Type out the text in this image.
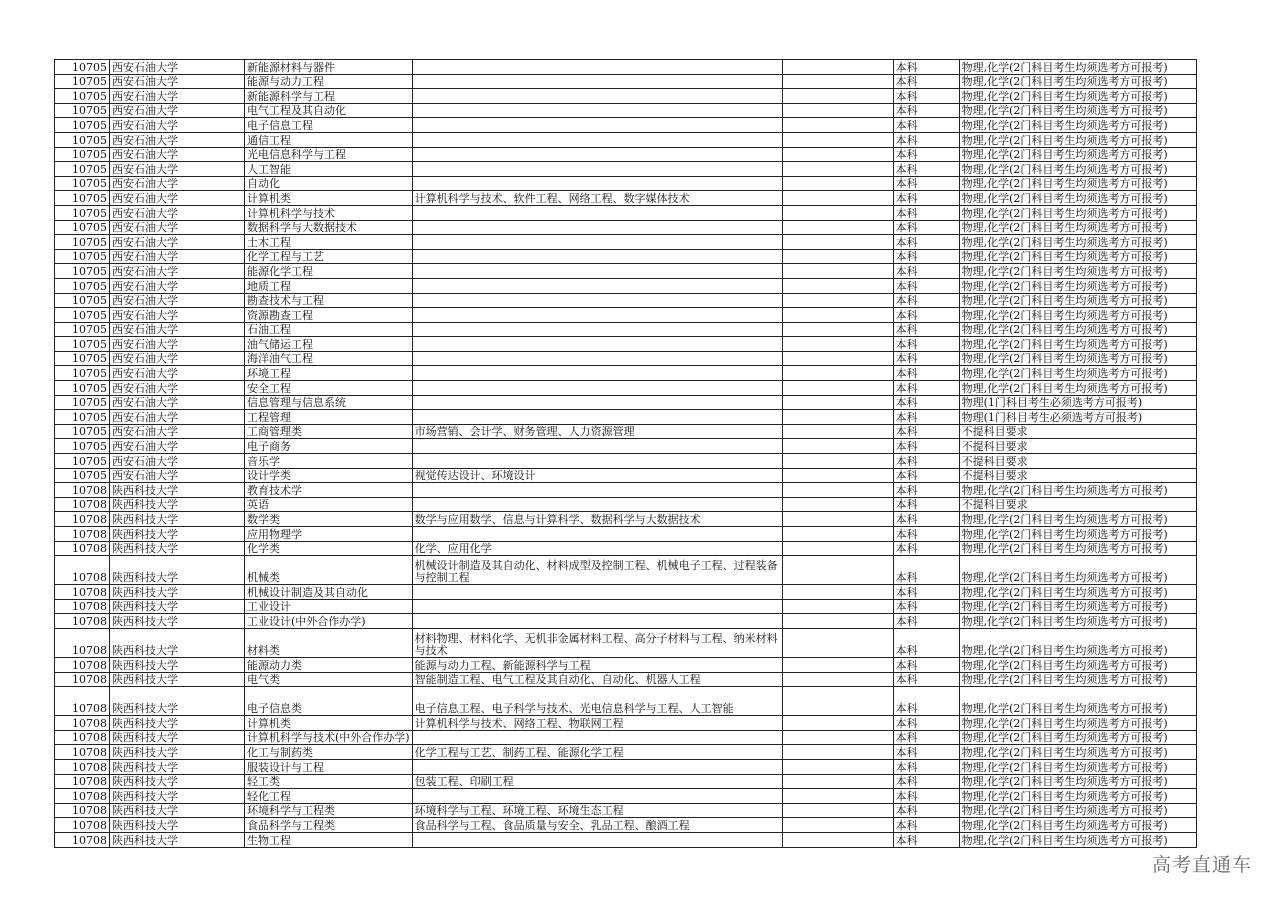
10705	西安石油大学	新能源材料与器件			本科	物理,化学(2门科目考生均须选考方可报考)
10705	西安石油大学	能源与动力工程			本科	物理,化学(2门科目考生均须选考方可报考)
10705	西安石油大学	新能源科学与工程			本科	物理,化学(2门科目考生均须选考方可报考)
10705	西安石油大学	电气工程及其自动化			本科	物理,化学(2门科目考生均须选考方可报考)
10705	西安石油大学	电子信息工程			本科	物理,化学(2门科目考生均须选考方可报考)
10705	西安石油大学	通信工程			本科	物理,化学(2门科目考生均须选考方可报考)
10705	西安石油大学	光电信息科学与工程			本科	物理,化学(2门科目考生均须选考方可报考)
10705	西安石油大学	人工智能			本科	物理,化学(2门科目考生均须选考方可报考)
10705	西安石油大学	自动化			本科	物理,化学(2门科目考生均须选考方可报考)
10705	西安石油大学	计算机类	计算机科学与技术、软件工程、网络工程、数字媒体技术		本科	物理,化学(2门科目考生均须选考方可报考)
10705	西安石油大学	计算机科学与技术			本科	物理,化学(2门科目考生均须选考方可报考)
10705	西安石油大学	数据科学与大数据技术			本科	物理,化学(2门科目考生均须选考方可报考)
10705	西安石油大学	土木工程			本科	物理,化学(2门科目考生均须选考方可报考)
10705	西安石油大学	化学工程与工艺			本科	物理,化学(2门科目考生均须选考方可报考)
10705	西安石油大学	能源化学工程			本科	物理,化学(2门科目考生均须选考方可报考)
10705	西安石油大学	地质工程			本科	物理,化学(2门科目考生均须选考方可报考)
10705	西安石油大学	勘查技术与工程			本科	物理,化学(2门科目考生均须选考方可报考)
10705	西安石油大学	资源勘查工程			本科	物理,化学(2门科目考生均须选考方可报考)
10705	西安石油大学	石油工程			本科	物理,化学(2门科目考生均须选考方可报考)
10705	西安石油大学	油气储运工程			本科	物理,化学(2门科目考生均须选考方可报考)
10705	西安石油大学	海洋油气工程			本科	物理,化学(2门科目考生均须选考方可报考)
10705	西安石油大学	环境工程			本科	物理,化学(2门科目考生均须选考方可报考)
10705	西安石油大学	安全工程			本科	物理,化学(2门科目考生均须选考方可报考)
10705	西安石油大学	信息管理与信息系统			本科	物理(1门科目考生必须选考方可报考)
10705	西安石油大学	工程管理			本科	物理(1门科目考生必须选考方可报考)
10705	西安石油大学	工商管理类	市场营销、会计学、财务管理、人力资源管理		本科	不提科目要求
10705	西安石油大学	电子商务			本科	不提科目要求
10705	西安石油大学	音乐学			本科	不提科目要求
10705	西安石油大学	设计学类	视觉传达设计、环境设计		本科	不提科目要求
10708	陕西科技大学	教育技术学			本科	物理,化学(2门科目考生均须选考方可报考)
10708	陕西科技大学	英语			本科	不提科目要求
10708	陕西科技大学	数学类	数学与应用数学、信息与计算科学、数据科学与大数据技术		本科	物理,化学(2门科目考生均须选考方可报考)
10708	陕西科技大学	应用物理学			本科	物理,化学(2门科目考生均须选考方可报考)
10708	陕西科技大学	化学类	化学、应用化学		本科	物理,化学(2门科目考生均须选考方可报考)
10708	陕西科技大学	机械类	机械设计制造及其自动化、材料成型及控制工程、机械电子工程、过程装备与控制工程		本科	物理,化学(2门科目考生均须选考方可报考)
10708	陕西科技大学	机械设计制造及其自动化			本科	物理,化学(2门科目考生均须选考方可报考)
10708	陕西科技大学	工业设计			本科	物理,化学(2门科目考生均须选考方可报考)
10708	陕西科技大学	工业设计(中外合作办学)			本科	物理,化学(2门科目考生均须选考方可报考)
10708	陕西科技大学	材料类	材料物理、材料化学、无机非金属材料工程、高分子材料与工程、纳米材料与技术		本科	物理,化学(2门科目考生均须选考方可报考)
10708	陕西科技大学	能源动力类	能源与动力工程、新能源科学与工程		本科	物理,化学(2门科目考生均须选考方可报考)
10708	陕西科技大学	电气类	智能制造工程、电气工程及其自动化、自动化、机器人工程		本科	物理,化学(2门科目考生均须选考方可报考)
10708	陕西科技大学	电子信息类	电子信息工程、电子科学与技术、光电信息科学与工程、人工智能		本科	物理,化学(2门科目考生均须选考方可报考)
10708	陕西科技大学	计算机类	计算机科学与技术、网络工程、物联网工程		本科	物理,化学(2门科目考生均须选考方可报考)
10708	陕西科技大学	计算机科学与技术(中外合作办学)			本科	物理,化学(2门科目考生均须选考方可报考)
10708	陕西科技大学	化工与制药类	化学工程与工艺、制药工程、能源化学工程		本科	物理,化学(2门科目考生均须选考方可报考)
10708	陕西科技大学	服装设计与工程			本科	物理,化学(2门科目考生均须选考方可报考)
10708	陕西科技大学	轻工类	包装工程、印刷工程		本科	物理,化学(2门科目考生均须选考方可报考)
10708	陕西科技大学	轻化工程			本科	物理,化学(2门科目考生均须选考方可报考)
10708	陕西科技大学	环境科学与工程类	环境科学与工程、环境工程、环境生态工程		本科	物理,化学(2门科目考生均须选考方可报考)
10708	陕西科技大学	食品科学与工程类	食品科学与工程、食品质量与安全、乳品工程、酿酒工程		本科	物理,化学(2门科目考生均须选考方可报考)
10708	陕西科技大学	生物工程			本科	物理,化学(2门科目考生均须选考方可报考)
高考直通车
